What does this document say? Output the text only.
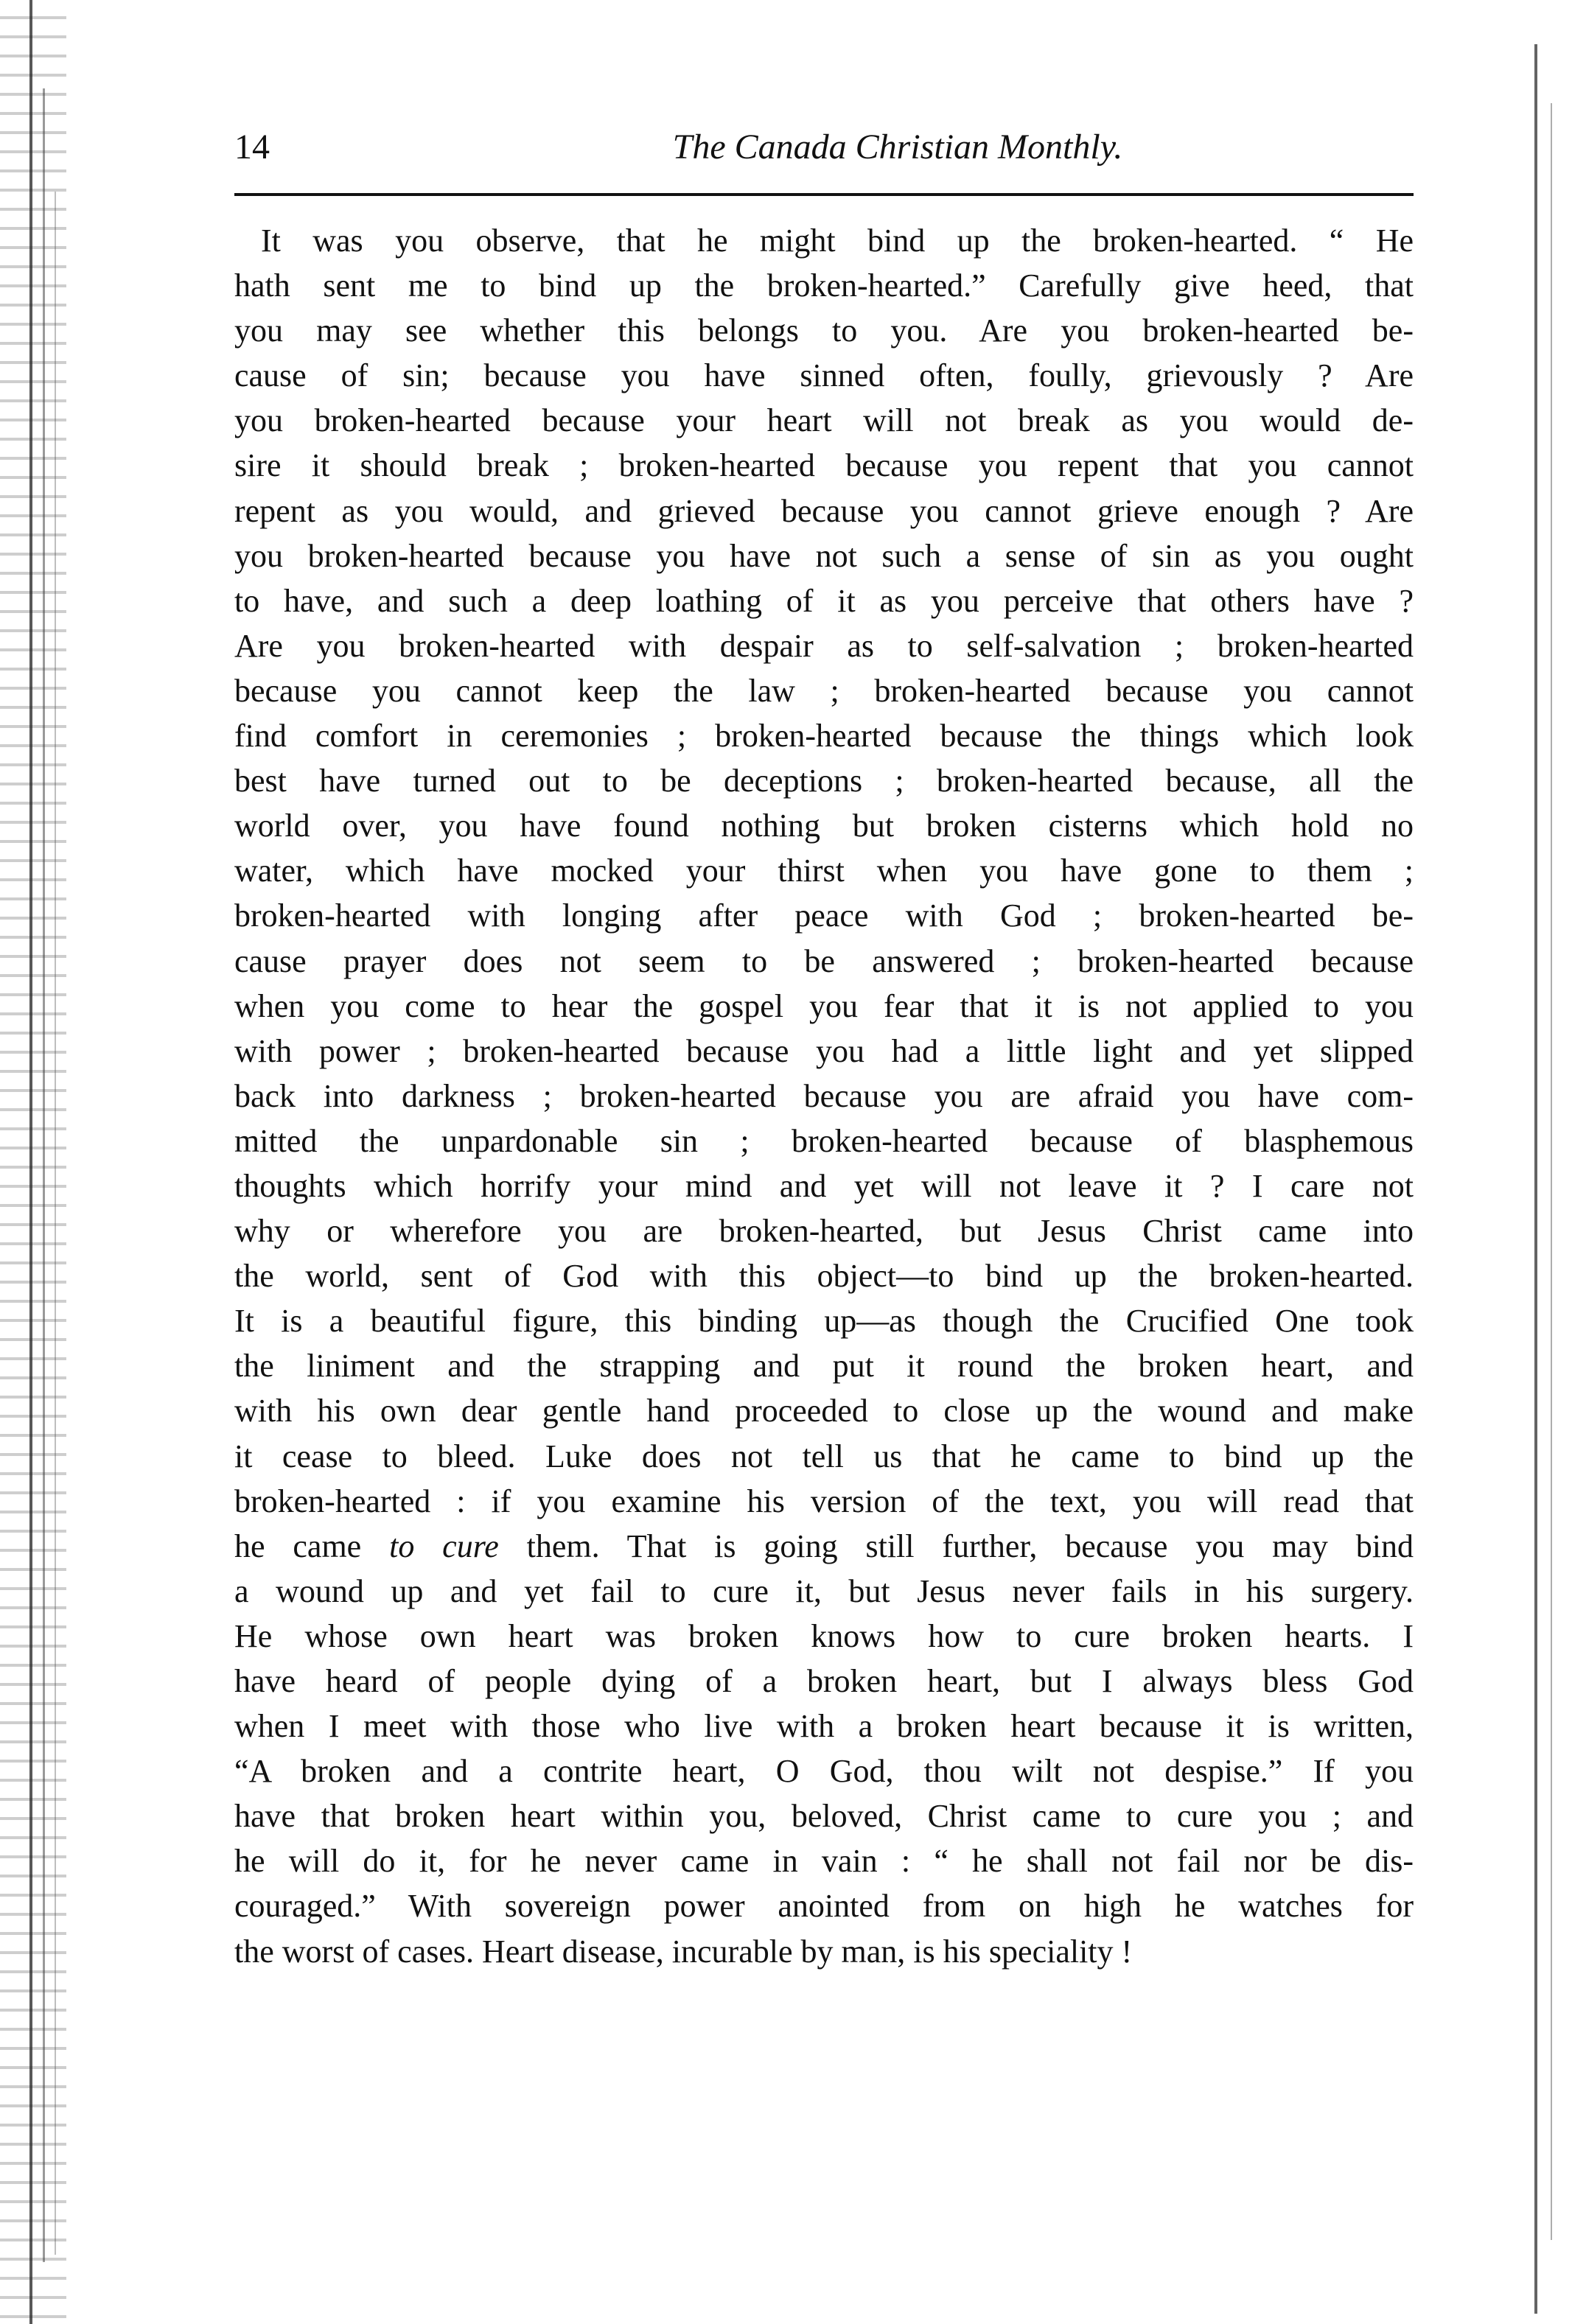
14	The Canada Christian Monthly.
It was you observe, that he might bind up the broken-hearted. “ He
hath sent me to bind up the broken-hearted.” Carefully give heed, that
you may see whether this belongs to you. Are you broken-hearted be-
cause of sin; because you have sinned often, foully, grievously ? Are
you broken-hearted because your heart will not break as you would de-
sire it should break ; broken-hearted because you repent that you cannot
repent as you would, and grieved because you cannot grieve enough ? Are
you broken-hearted because you have not such a sense of sin as you ought
to have, and such a deep loathing of it as you perceive that others have ?
Are you broken-hearted with despair as to self-salvation ; broken-hearted
because you cannot keep the law ; broken-hearted because you cannot
find comfort in ceremonies ; broken-hearted because the things which look
best have turned out to be deceptions ; broken-hearted because, all the
world over, you have found nothing but broken cisterns which hold no
water, which have mocked your thirst when you have gone to them ;
broken-hearted with longing after peace with God ; broken-hearted be-
cause prayer does not seem to be answered ; broken-hearted because
when you come to hear the gospel you fear that it is not applied to you
with power ; broken-hearted because you had a little light and yet slipped
back into darkness ; broken-hearted because you are afraid you have com-
mitted the unpardonable sin ; broken-hearted because of blasphemous
thoughts which horrify your mind and yet will not leave it ? I care not
why or wherefore you are broken-hearted, but Jesus Christ came into
the world, sent of God with this object—to bind up the broken-hearted.
It is a beautiful figure, this binding up—as though the Crucified One took
the liniment and the strapping and put it round the broken heart, and
with his own dear gentle hand proceeded to close up the wound and make
it cease to bleed. Luke does not tell us that he came to bind up the
broken-hearted : if you examine his version of the text, you will read that
he came to cure them. That is going still further, because you may bind
a wound up and yet fail to cure it, but Jesus never fails in his surgery.
He whose own heart was broken knows how to cure broken hearts. I
have heard of people dying of a broken heart, but I always bless God
when I meet with those who live with a broken heart because it is written,
“A broken and a contrite heart, O God, thou wilt not despise.” If you
have that broken heart within you, beloved, Christ came to cure you ; and
he will do it, for he never came in vain : “ he shall not fail nor be dis-
couraged.” With sovereign power anointed from on high he watches for
the worst of cases. Heart disease, incurable by man, is his speciality !
